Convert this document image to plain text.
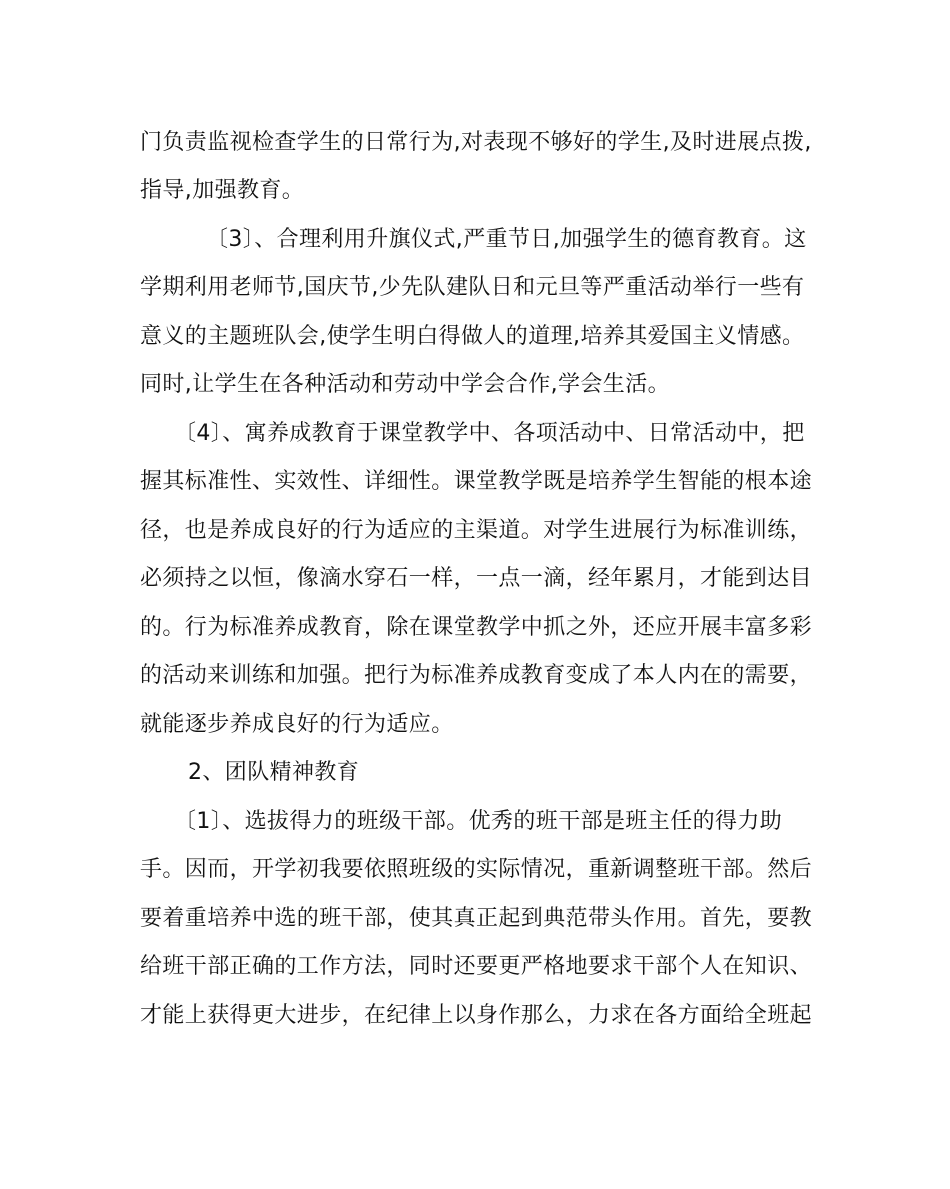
门负责监视检查学生的日常行为,对表现不够好的学生,及时进展点拨,
指导,加强教育。
〔3〕、合理利用升旗仪式,严重节日,加强学生的德育教育。这
学期利用老师节,国庆节,少先队建队日和元旦等严重活动举行一些有
意义的主题班队会,使学生明白得做人的道理,培养其爱国主义情感。
同时,让学生在各种活动和劳动中学会合作,学会生活。
〔4〕、寓养成教育于课堂教学中、各项活动中、日常活动中，把
握其标准性、实效性、详细性。课堂教学既是培养学生智能的根本途
径，也是养成良好的行为适应的主渠道。对学生进展行为标准训练，
必须持之以恒，像滴水穿石一样，一点一滴，经年累月，才能到达目
的。行为标准养成教育，除在课堂教学中抓之外，还应开展丰富多彩
的活动来训练和加强。把行为标准养成教育变成了本人内在的需要，
就能逐步养成良好的行为适应。
2、团队精神教育
〔1〕、选拔得力的班级干部。优秀的班干部是班主任的得力助
手。因而，开学初我要依照班级的实际情况，重新调整班干部。然后
要着重培养中选的班干部，使其真正起到典范带头作用。首先，要教
给班干部正确的工作方法，同时还要更严格地要求干部个人在知识、
才能上获得更大进步，在纪律上以身作那么，力求在各方面给全班起
